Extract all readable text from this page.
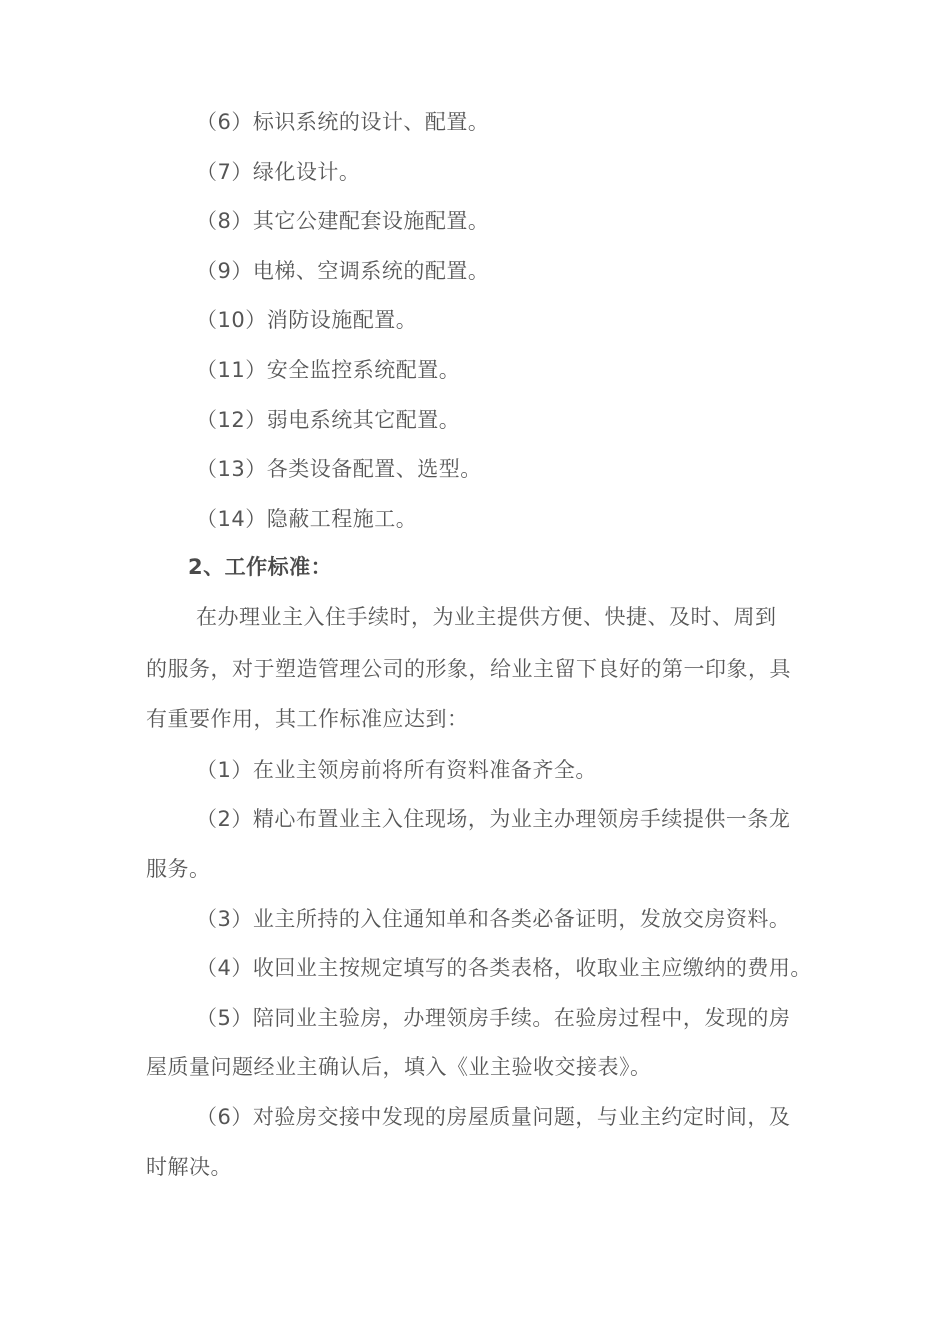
（6）标识系统的设计、配置。
（7）绿化设计。
（8）其它公建配套设施配置。
（9）电梯、空调系统的配置。
（10）消防设施配置。
（11）安全监控系统配置。
（12）弱电系统其它配置。
（13）各类设备配置、选型。
（14）隐蔽工程施工。
2、工作标准：
在办理业主入住手续时，为业主提供方便、快捷、及时、周到
的服务，对于塑造管理公司的形象，给业主留下良好的第一印象，具
有重要作用，其工作标准应达到：
（1）在业主领房前将所有资料准备齐全。
（2）精心布置业主入住现场，为业主办理领房手续提供一条龙
服务。
（3）业主所持的入住通知单和各类必备证明，发放交房资料。
（4）收回业主按规定填写的各类表格，收取业主应缴纳的费用。
（5）陪同业主验房，办理领房手续。在验房过程中，发现的房
屋质量问题经业主确认后，填入《业主验收交接表》。
（6）对验房交接中发现的房屋质量问题，与业主约定时间，及
时解决。
